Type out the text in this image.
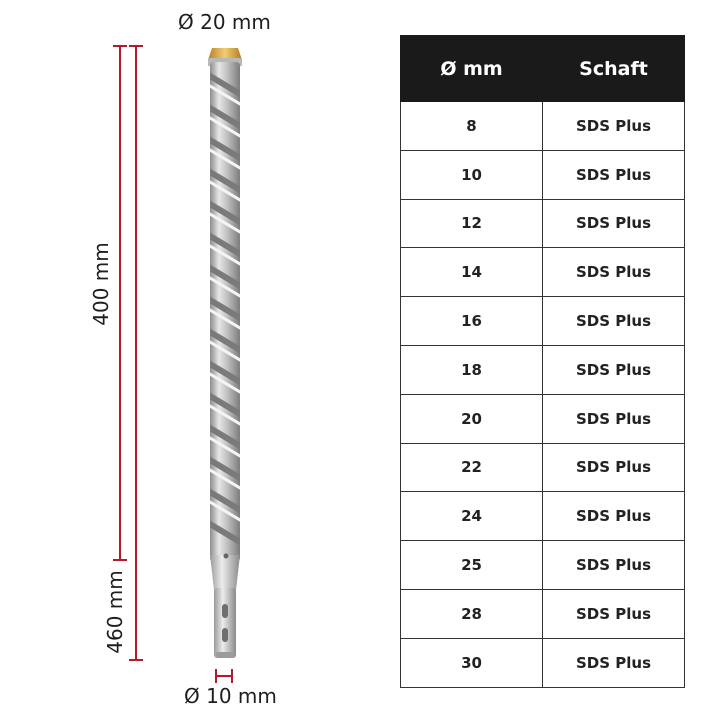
Ø 20 mm
Ø 10 mm
400 mm
460 mm
Ø mm	Schaft
8	SDS Plus
10	SDS Plus
12	SDS Plus
14	SDS Plus
16	SDS Plus
18	SDS Plus
20	SDS Plus
22	SDS Plus
24	SDS Plus
25	SDS Plus
28	SDS Plus
30	SDS Plus
